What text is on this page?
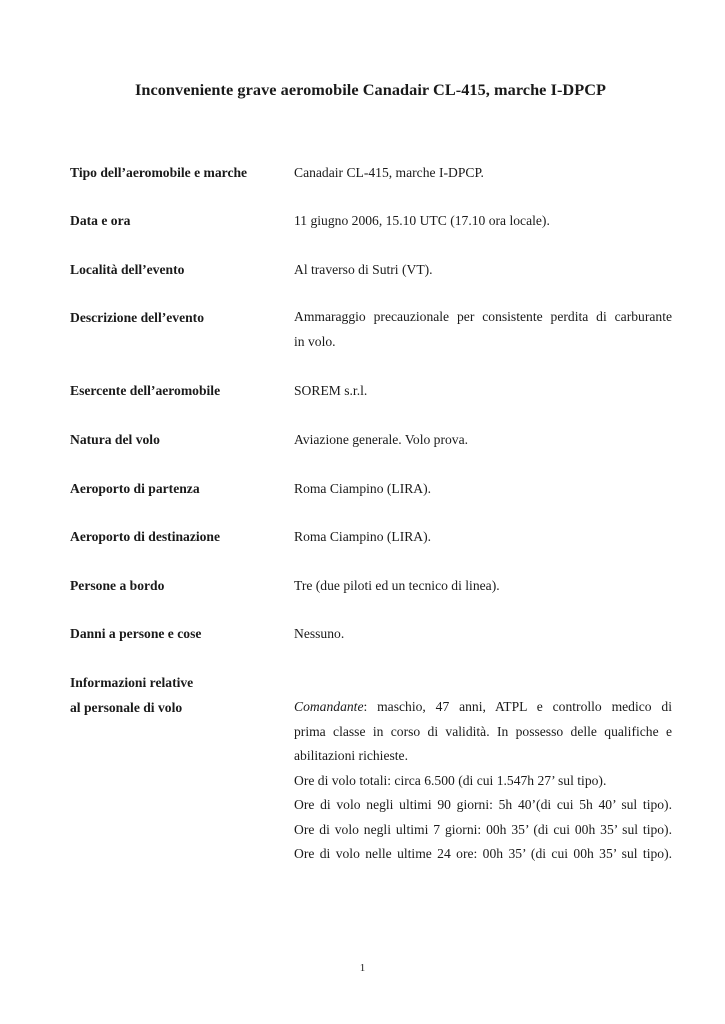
Inconveniente grave aeromobile Canadair CL-415, marche I-DPCP
Tipo dell’aeromobile e marche	Canadair CL-415, marche I-DPCP.
Data e ora	11 giugno 2006, 15.10 UTC (17.10 ora locale).
Località dell’evento	Al traverso di Sutri (VT).
Descrizione dell’evento	Ammaraggio precauzionale per consistente perdita di carburante
in volo.
Esercente dell’aeromobile	SOREM s.r.l.
Natura del volo	Aviazione generale. Volo prova.
Aeroporto di partenza	Roma Ciampino (LIRA).
Aeroporto di destinazione	Roma Ciampino (LIRA).
Persone a bordo	Tre (due piloti ed un tecnico di linea).
Danni a persone e cose	Nessuno.
Informazioni relative
al personale di volo	Comandante: maschio, 47 anni, ATPL e controllo medico di
prima classe in corso di validità. In possesso delle qualifiche e
abilitazioni richieste.
Ore di volo totali: circa 6.500 (di cui 1.547h 27’ sul tipo).
Ore di volo negli ultimi 90 giorni: 5h 40’(di cui 5h 40’ sul tipo).
Ore di volo negli ultimi 7 giorni: 00h 35’ (di cui 00h 35’ sul tipo).
Ore di volo nelle ultime 24 ore: 00h 35’ (di cui 00h 35’ sul tipo).
1
